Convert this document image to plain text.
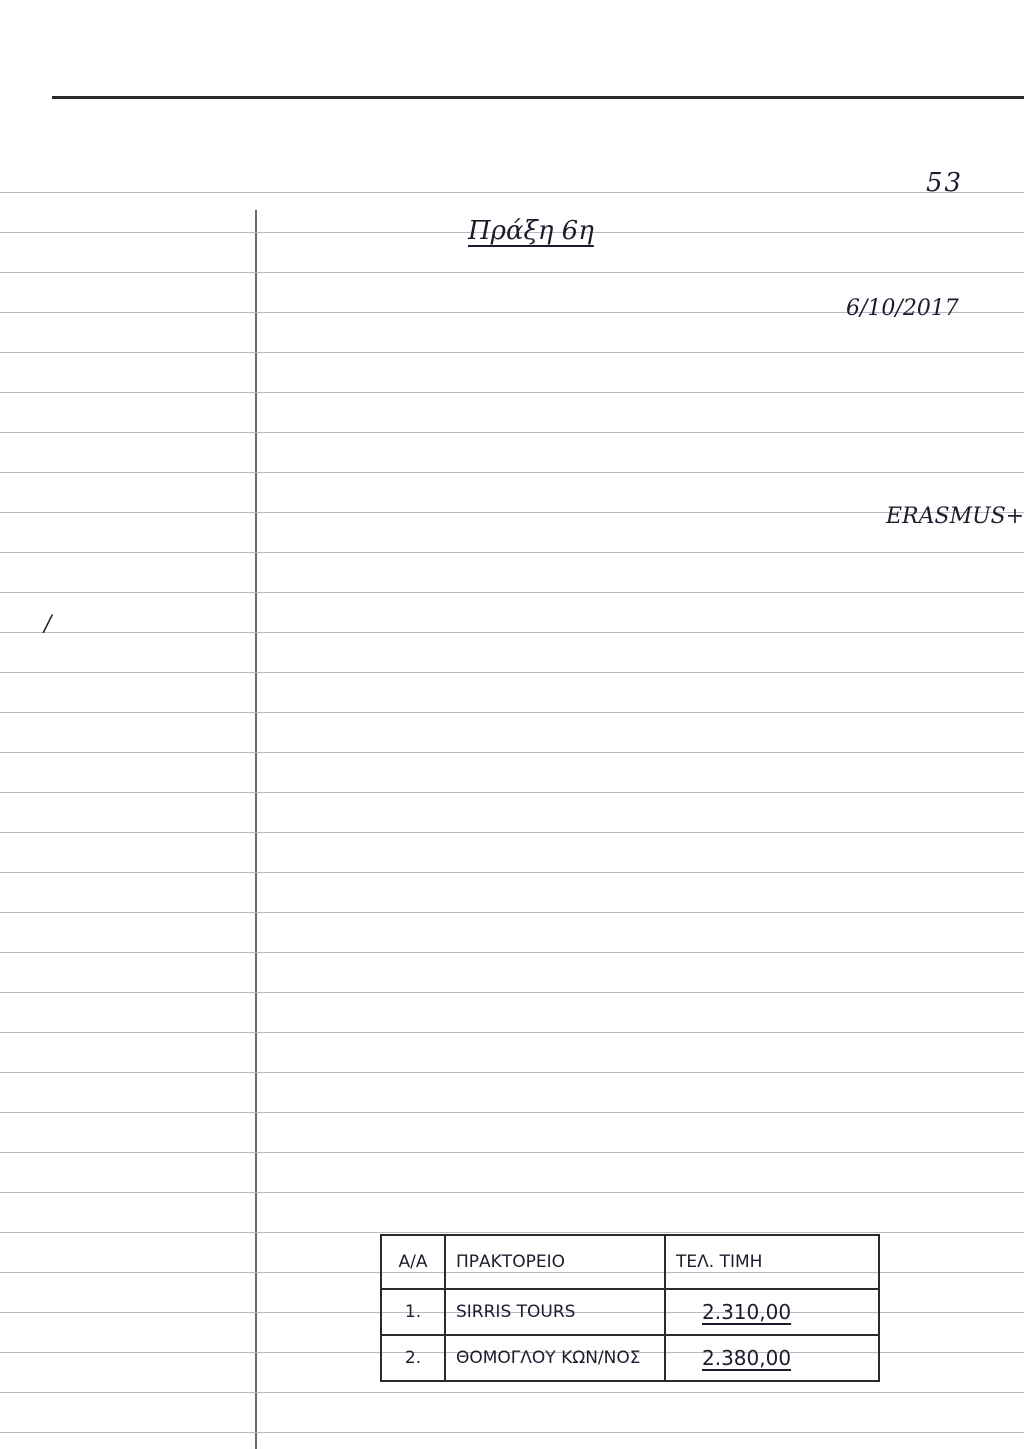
53
Πράξη 6η
6/10/2017
ERASMUS+
/
Α/Α	ΠΡΑΚΤΟΡΕΙΟ	ΤΕΛ. ΤΙΜΗ
1.	SIRRIS TOURS	2.310,00
2.	ΘΟΜΟΓΛΟΥ ΚΩΝ/ΝΟΣ	2.380,00
